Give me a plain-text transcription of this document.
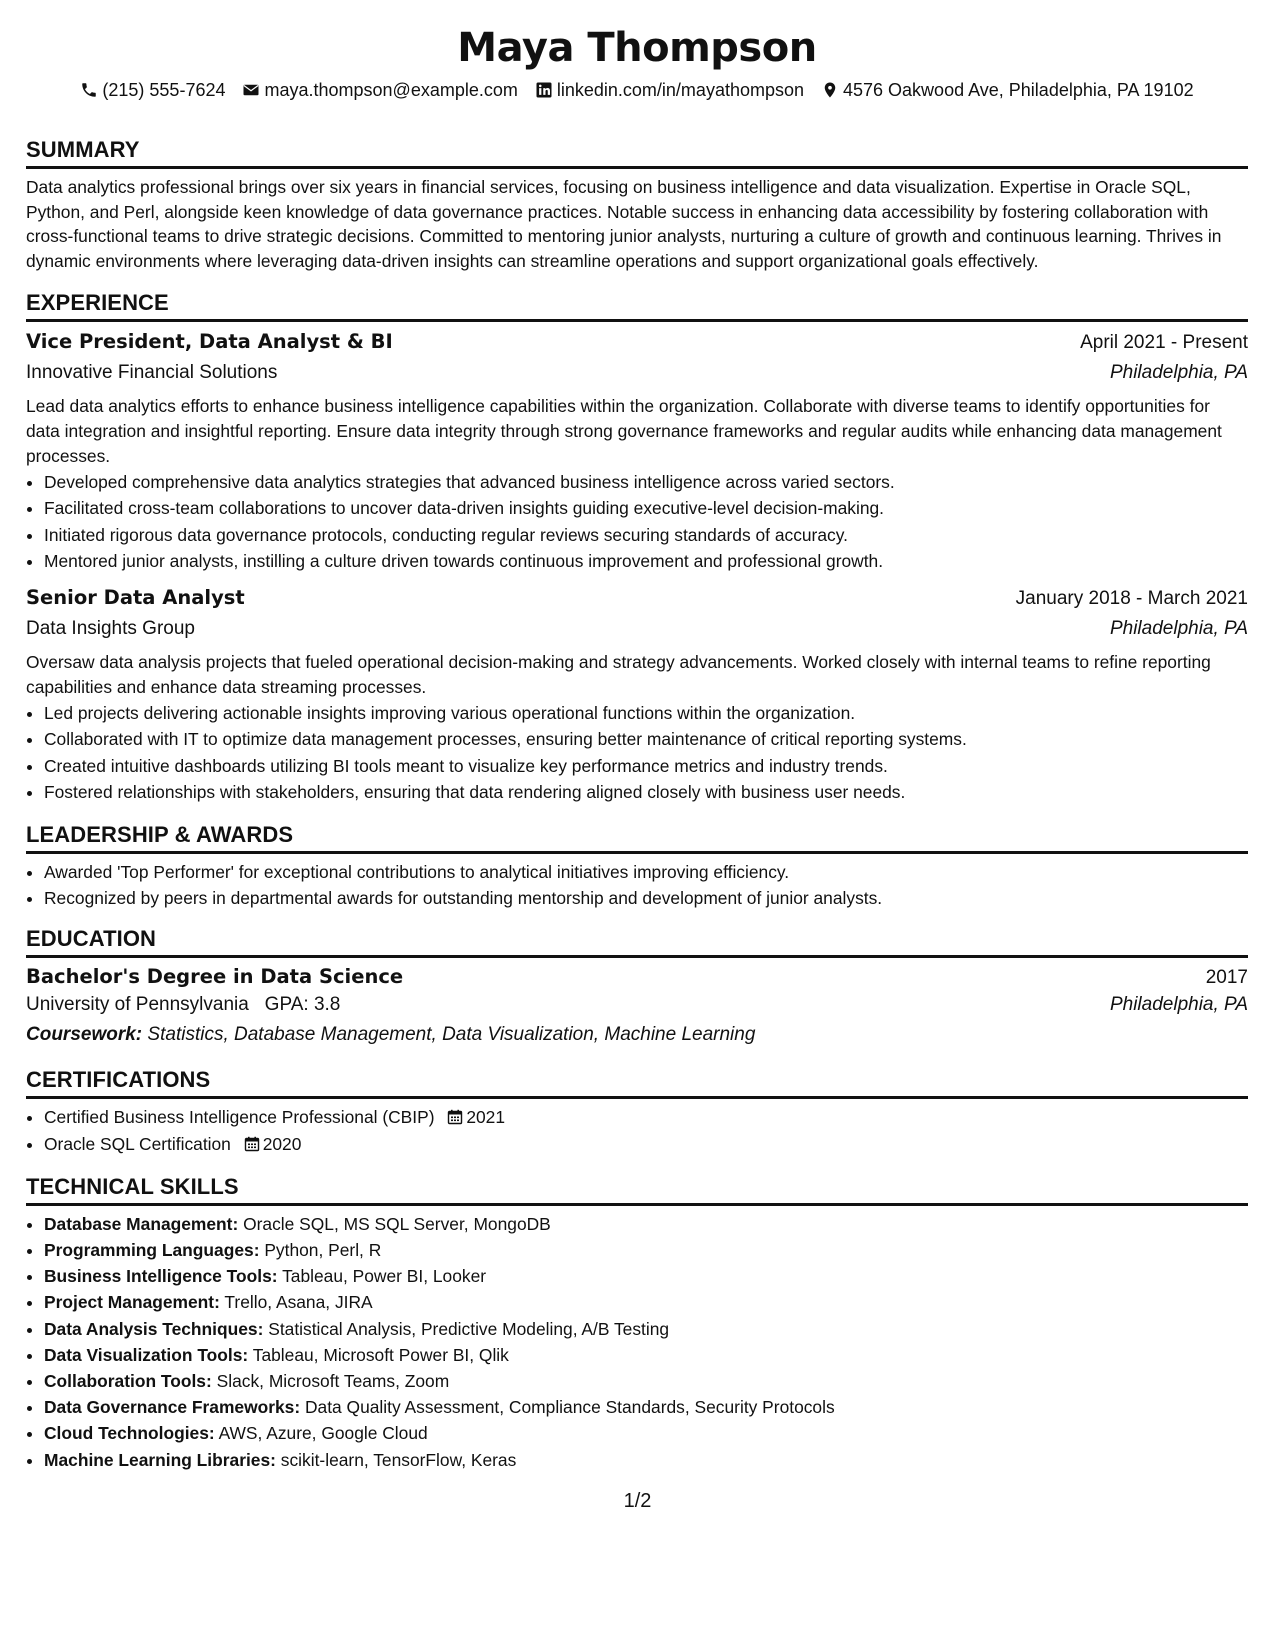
Maya Thompson
(215) 555-7624 maya.thompson@example.com linkedin.com/in/mayathompson 4576 Oakwood Ave, Philadelphia, PA 19102
SUMMARY

Data analytics professional brings over six years in financial services, focusing on business intelligence and data visualization. Expertise in Oracle SQL, Python, and Perl, alongside keen knowledge of data governance practices. Notable success in enhancing data accessibility by fostering collaboration with cross-functional teams to drive strategic decisions. Committed to mentoring junior analysts, nurturing a culture of growth and continuous learning. Thrives in dynamic environments where leveraging data-driven insights can streamline operations and support organizational goals effectively.

EXPERIENCE
Vice President, Data Analyst & BI	April 2021 - Present
Innovative Financial Solutions	Philadelphia, PA

Lead data analytics efforts to enhance business intelligence capabilities within the organization. Collaborate with diverse teams to identify opportunities for data integration and insightful reporting. Ensure data integrity through strong governance frameworks and regular audits while enhancing data management processes.

• Developed comprehensive data analytics strategies that advanced business intelligence across varied sectors.
• Facilitated cross-team collaborations to uncover data-driven insights guiding executive-level decision-making.
• Initiated rigorous data governance protocols, conducting regular reviews securing standards of accuracy.
• Mentored junior analysts, instilling a culture driven towards continuous improvement and professional growth.
Senior Data Analyst	January 2018 - March 2021
Data Insights Group	Philadelphia, PA

Oversaw data analysis projects that fueled operational decision-making and strategy advancements. Worked closely with internal teams to refine reporting capabilities and enhance data streaming processes.

• Led projects delivering actionable insights improving various operational functions within the organization.
• Collaborated with IT to optimize data management processes, ensuring better maintenance of critical reporting systems.
• Created intuitive dashboards utilizing BI tools meant to visualize key performance metrics and industry trends.
• Fostered relationships with stakeholders, ensuring that data rendering aligned closely with business user needs.
LEADERSHIP & AWARDS
• Awarded 'Top Performer' for exceptional contributions to analytical initiatives improving efficiency.
• Recognized by peers in departmental awards for outstanding mentorship and development of junior analysts.
EDUCATION
Bachelor's Degree in Data Science	2017
University of Pennsylvania GPA: 3.8	Philadelphia, PA
Coursework: Statistics, Database Management, Data Visualization, Machine Learning
CERTIFICATIONS
• Certified Business Intelligence Professional (CBIP) 2021
• Oracle SQL Certification 2020
TECHNICAL SKILLS
• Database Management: Oracle SQL, MS SQL Server, MongoDB
• Programming Languages: Python, Perl, R
• Business Intelligence Tools: Tableau, Power BI, Looker
• Project Management: Trello, Asana, JIRA
• Data Analysis Techniques: Statistical Analysis, Predictive Modeling, A/B Testing
• Data Visualization Tools: Tableau, Microsoft Power BI, Qlik
• Collaboration Tools: Slack, Microsoft Teams, Zoom
• Data Governance Frameworks: Data Quality Assessment, Compliance Standards, Security Protocols
• Cloud Technologies: AWS, Azure, Google Cloud
• Machine Learning Libraries: scikit-learn, TensorFlow, Keras
1/2
